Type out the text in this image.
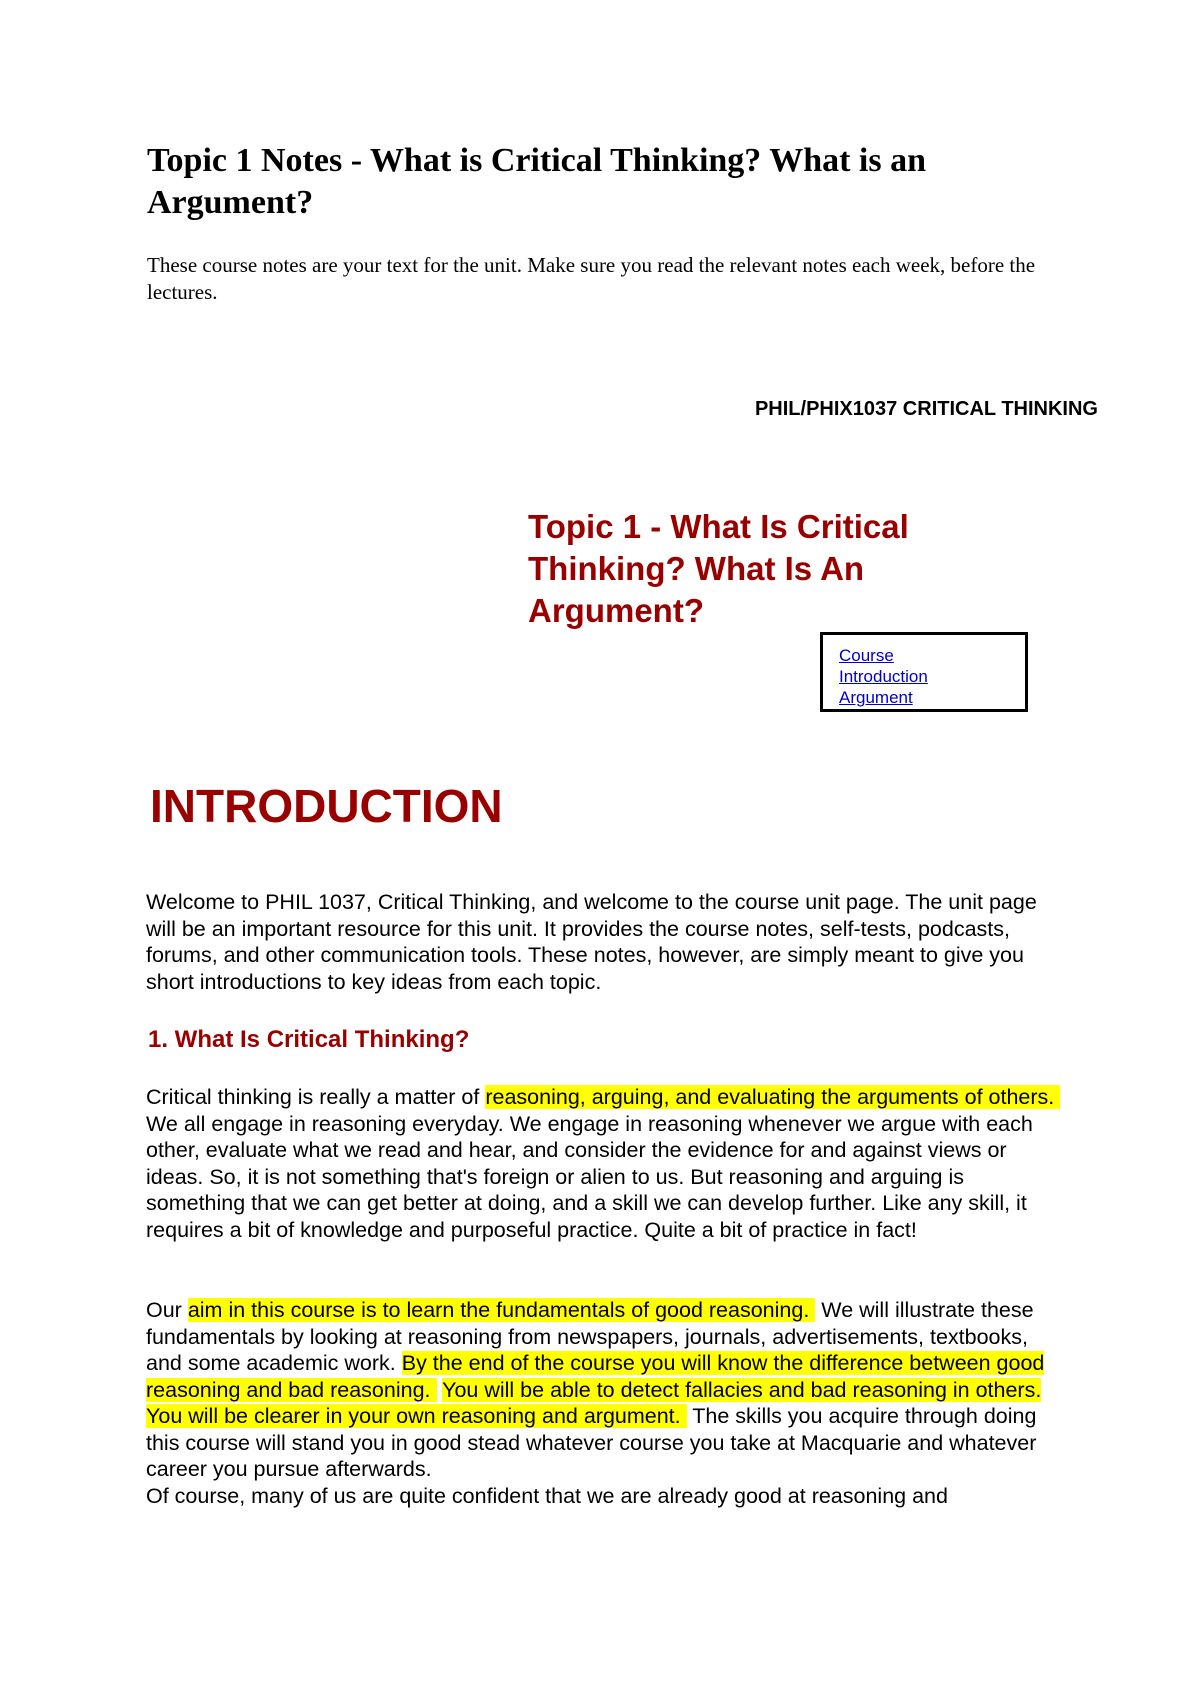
Topic 1 Notes - What is Critical Thinking? What is an Argument?

These course notes are your text for the unit. Make sure you read the relevant notes each week, before the lectures.

PHIL/PHIX1037 CRITICAL THINKING

Topic 1 - What Is Critical Thinking? What Is An Argument?
Course
Introduction
Argument
INTRODUCTION

Welcome to PHIL 1037, Critical Thinking, and welcome to the course unit page. The unit page will be an important resource for this unit. It provides the course notes, self-tests, podcasts, forums, and other communication tools. These notes, however, are simply meant to give you short introductions to key ideas from each topic.

1. What Is Critical Thinking?

Critical thinking is really a matter of reasoning, arguing, and evaluating the arguments of others. We all engage in reasoning everyday. We engage in reasoning whenever we argue with each other, evaluate what we read and hear, and consider the evidence for and against views or ideas. So, it is not something that's foreign or alien to us. But reasoning and arguing is something that we can get better at doing, and a skill we can develop further. Like any skill, it requires a bit of knowledge and purposeful practice. Quite a bit of practice in fact!

Our aim in this course is to learn the fundamentals of good reasoning. We will illustrate these fundamentals by looking at reasoning from newspapers, journals, advertisements, textbooks, and some academic work. By the end of the course you will know the difference between good reasoning and bad reasoning. You will be able to detect fallacies and bad reasoning in others. You will be clearer in your own reasoning and argument. The skills you acquire through doing this course will stand you in good stead whatever course you take at Macquarie and whatever career you pursue afterwards.
Of course, many of us are quite confident that we are already good at reasoning and
